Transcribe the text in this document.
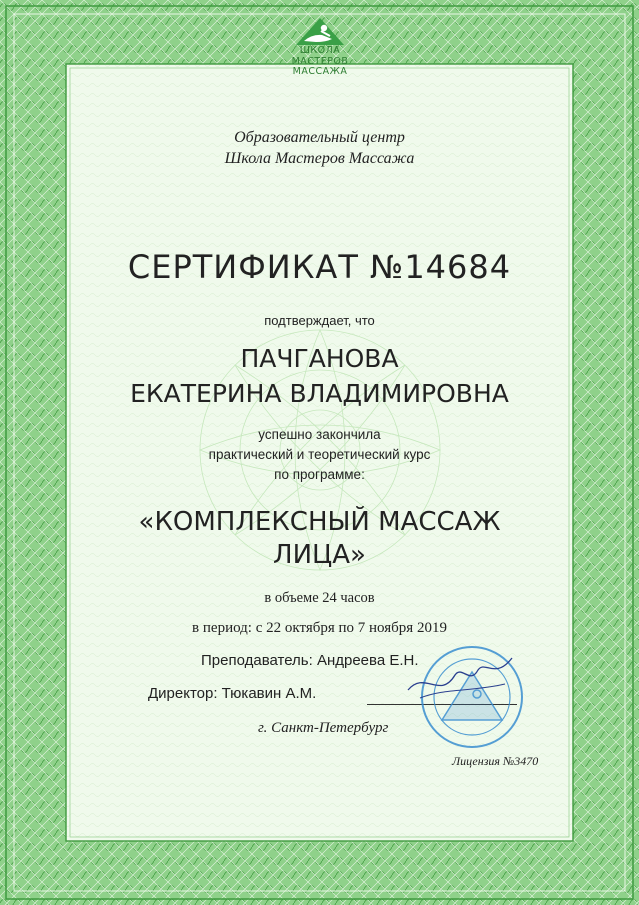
ШКОЛА
МАСТЕРОВ
МАССАЖА
Образовательный центр
Школа Мастеров Массажа
СЕРТИФИКАТ №14684
подтверждает, что
ПАЧГАНОВА
ЕКАТЕРИНА ВЛАДИМИРОВНА
успешно закончила
практический и теоретический курс
по программе:
«КОМПЛЕКСНЫЙ МАССАЖ
ЛИЦА»
в объеме 24 часов
в период: с 22 октября по 7 ноября 2019
Преподаватель: Андреева Е.Н.
Директор: Тюкавин А.М.
г. Санкт-Петербург
Лицензия №3470
